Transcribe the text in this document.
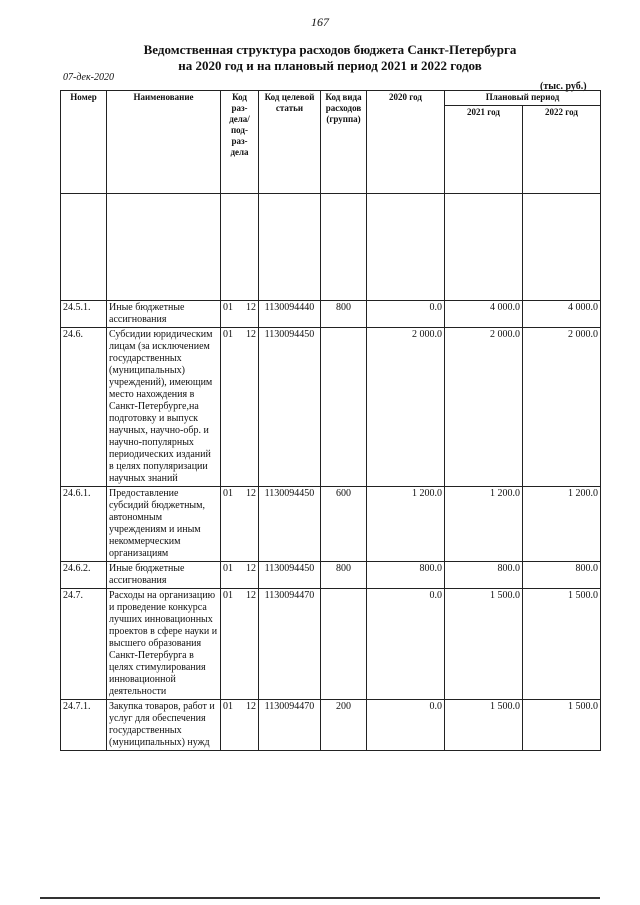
167
Ведомственная структура расходов бюджета Санкт-Петербурга
на 2020 год и на плановый период 2021 и 2022 годов
07-дек-2020
(тыс. руб.)
Номер	Наименование	Код раз-дела/ под-раз-дела	Код целевой статьи	Код вида расходов (группа)	2020 год	Плановый период	
						2021 год	2022 год

24.5.1.	Иные бюджетные ассигнования	01 12	1130094440	800	0.0	4 000.0	4 000.0
24.6.	Субсидии юридическим лицам (за исключением государственных (муниципальных) учреждений), имеющим место нахождения в Санкт-Петербурге,на подготовку и выпуск научных, научно-обр. и научно-популярных периодических изданий в целях популяризации научных знаний	01 12	1130094450		2 000.0	2 000.0	2 000.0
24.6.1.	Предоставление субсидий бюджетным, автономным учреждениям и иным некоммерческим организациям	01 12	1130094450	600	1 200.0	1 200.0	1 200.0
24.6.2.	Иные бюджетные ассигнования	01 12	1130094450	800	800.0	800.0	800.0
24.7.	Расходы на организацию и проведение конкурса лучших инновационных проектов в сфере науки и высшего образования Санкт-Петербурга в целях стимулирования инновационной деятельности	01 12	1130094470		0.0	1 500.0	1 500.0
24.7.1.	Закупка товаров, работ и услуг для обеспечения государственных (муниципальных) нужд	01 12	1130094470	200	0.0	1 500.0	1 500.0
